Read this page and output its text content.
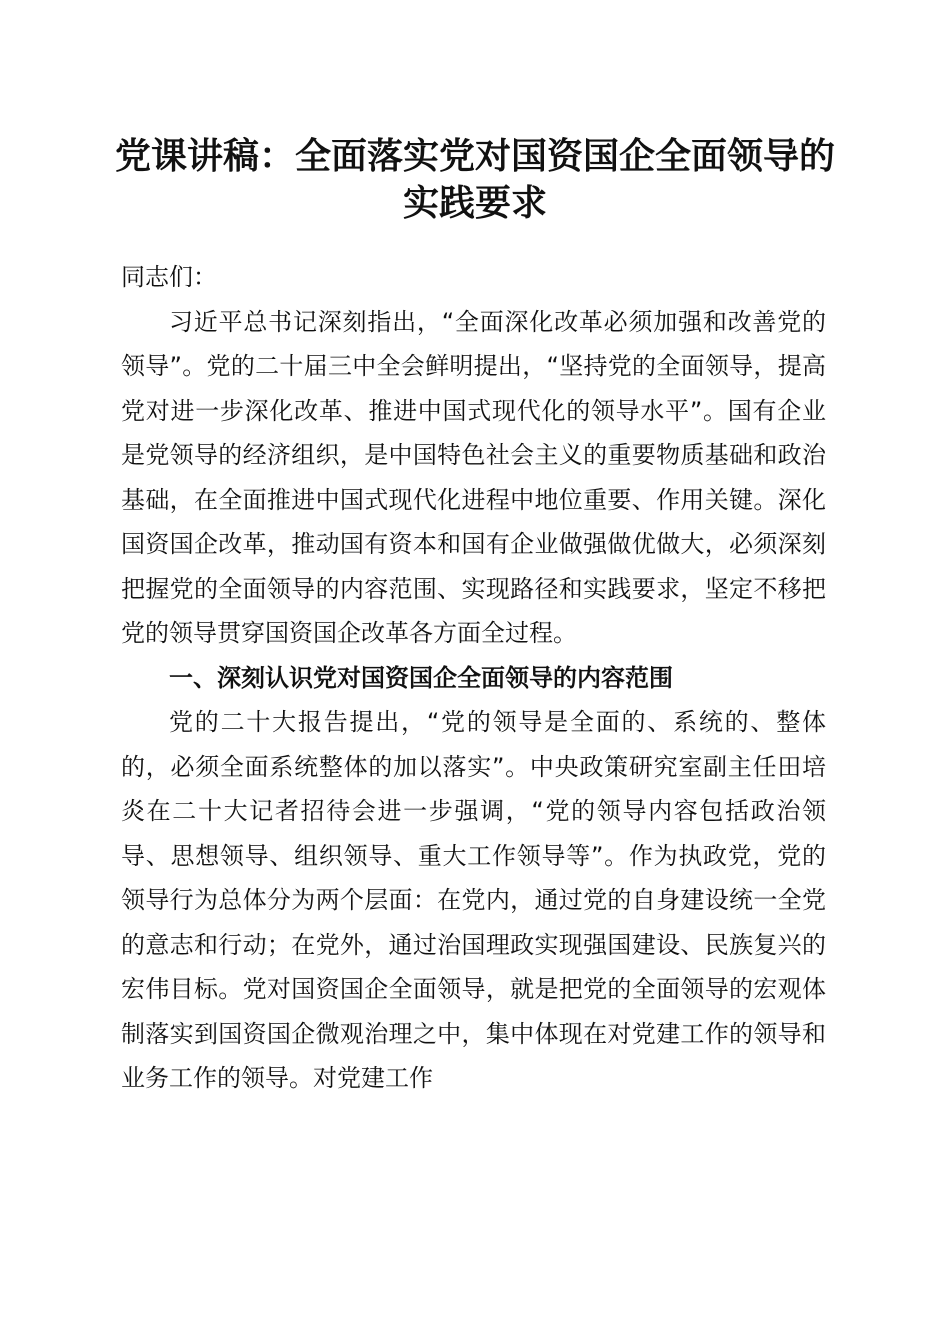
党课讲稿：全面落实党对国资国企全面领导的实践要求

同志们：

习近平总书记深刻指出，“全面深化改革必须加强和改善党的领导”。党的二十届三中全会鲜明提出，“坚持党的全面领导，提高党对进一步深化改革、推进中国式现代化的领导水平”。国有企业是党领导的经济组织，是中国特色社会主义的重要物质基础和政治基础，在全面推进中国式现代化进程中地位重要、作用关键。深化国资国企改革，推动国有资本和国有企业做强做优做大，必须深刻把握党的全面领导的内容范围、实现路径和实践要求，坚定不移把党的领导贯穿国资国企改革各方面全过程。

一、深刻认识党对国资国企全面领导的内容范围

党的二十大报告提出，“党的领导是全面的、系统的、整体的，必须全面系统整体的加以落实”。中央政策研究室副主任田培炎在二十大记者招待会进一步强调，“党的领导内容包括政治领导、思想领导、组织领导、重大工作领导等”。作为执政党，党的领导行为总体分为两个层面：在党内，通过党的自身建设统一全党的意志和行动；在党外，通过治国理政实现强国建设、民族复兴的宏伟目标。党对国资国企全面领导，就是把党的全面领导的宏观体制落实到国资国企微观治理之中，集中体现在对党建工作的领导和业务工作的领导。对党建工作
